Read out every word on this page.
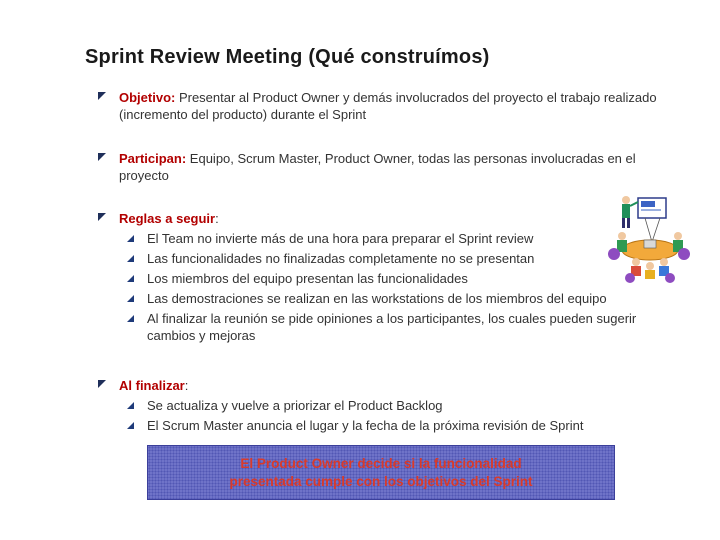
Sprint Review Meeting (Qué construímos)
Objetivo: Presentar al Product Owner y demás involucrados del proyecto el trabajo realizado (incremento del producto) durante el Sprint
Participan: Equipo, Scrum Master, Product Owner, todas las personas involucradas en el proyecto
Reglas a seguir:
El Team no invierte más de una hora para preparar el Sprint review
Las funcionalidades no finalizadas completamente no se presentan
Los miembros del equipo presentan las funcionalidades
Las demostraciones se realizan en las workstations de los miembros del equipo
Al finalizar la reunión se pide opiniones a los participantes, los cuales pueden sugerir cambios y mejoras
Al finalizar:
Se actualiza y vuelve a priorizar el Product Backlog
El Scrum Master anuncia el lugar y la fecha de la próxima revisión de Sprint
El Product Owner decide si la funcionalidad
presentada cumple con los objetivos del Sprint
